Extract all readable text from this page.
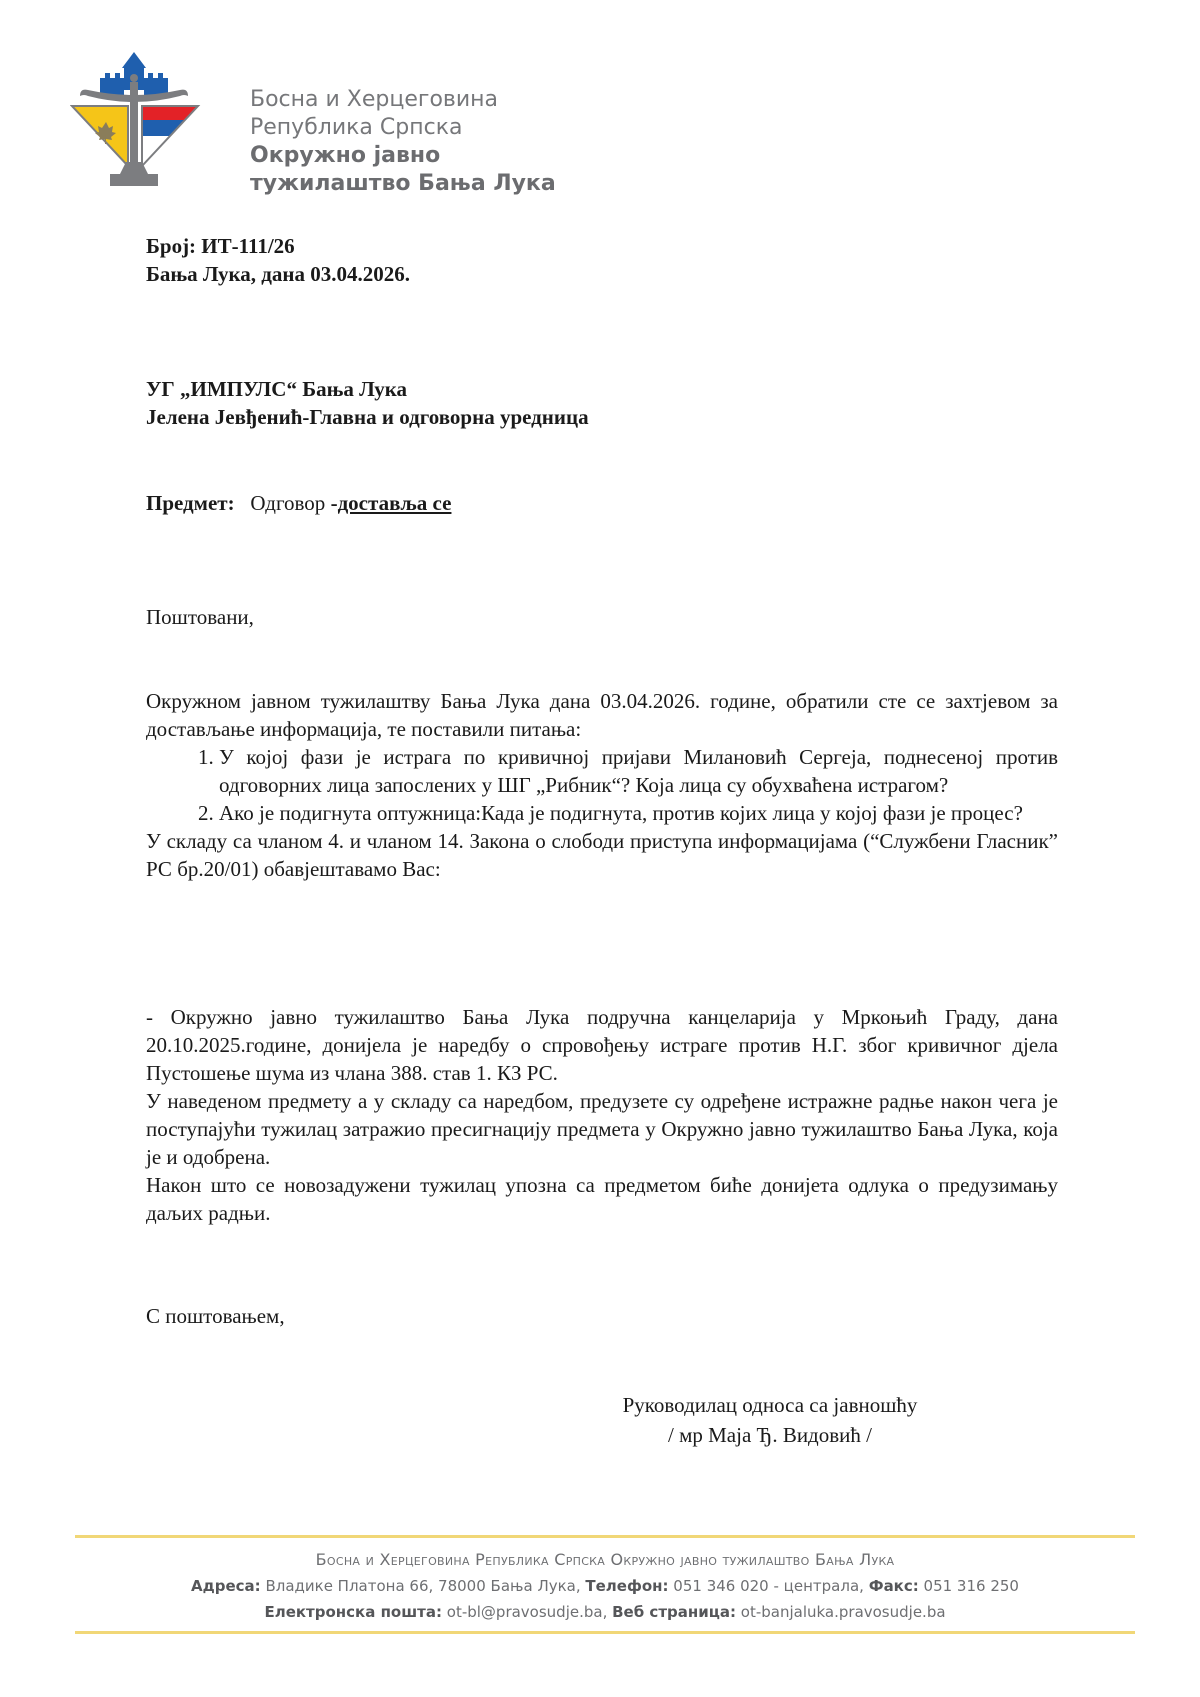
Босна и Херцеговина
Република Српска
Окружно јавно
тужилаштво Бања Лука
Број: ИТ-111/26
Бања Лука, дана 03.04.2026.
УГ „ИМПУЛС“ Бања Лука
Јелена Јевђенић-Главна и одговорна уредница
Предмет: Одговор -доставља се
Поштовани,

Окружном јавном тужилаштву Бања Лука дана 03.04.2026. године, обратили сте се захтјевом за достављање информација, те поставили питања:

1. У којој фази је истрага по кривичној пријави Милановић Сергеја, поднесеној против одговорних лица запослених у ШГ „Рибник“? Која лица су обухваћена истрагом?
2. Ако је подигнута оптужница:Када је подигнута, против којих лица у којој фази је процес?

У складу са чланом 4. и чланом 14. Закона о слободи приступа информацијама (“Службени Гласник” РС бр.20/01) обавјештавамо Вас:

- Окружно јавно тужилаштво Бања Лука подручна канцеларија у Мркоњић Граду, дана 20.10.2025.године, донијела је наредбу о спровођењу истраге против Н.Г. због кривичног дјела Пустошење шума из члана 388. став 1. КЗ РС.

У наведеном предмету а у складу са наредбом, предузете су одређене истражне радње након чега је поступајући тужилац затражио пресигнацију предмета у Окружно јавно тужилаштво Бања Лука, која је и одобрена.

Након што се новозадужени тужилац упозна са предметом биће донијета одлука о предузимању даљих радњи.

С поштовањем,
Руководилац односа са јавношћу
/ мр Маја Ђ. Видовић /
Босна и Херцеговина Република Српска Окружно јавно тужилаштво Бања Лука
Адреса: Владике Платона 66, 78000 Бања Лука, Телефон: 051 346 020 - централа, Факс: 051 316 250
Електронска пошта: ot-bl@pravosudje.ba, Веб страница: ot-banjaluka.pravosudje.ba
